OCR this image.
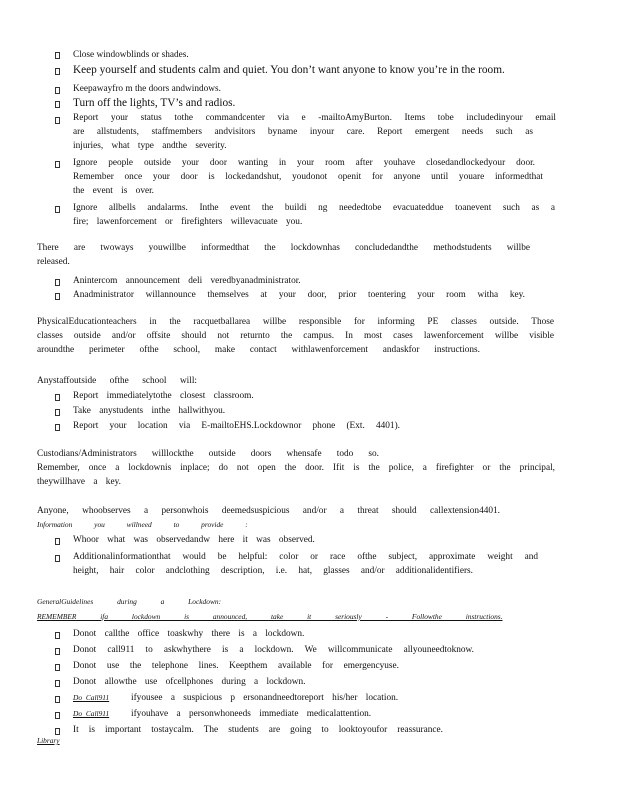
Close windowblinds or shades.
Keep yourself and students calm and quiet. You don’t want anyone to know you’re in the room.
Keepawayfro m the doors andwindows.
Turn off the lights, TV’s and radios.
Report your status tothe commandcenter via e -mailtoAmyBurton. Items tobe includedinyour email
are allstudents, staffmembers andvisitors byname inyour care. Report emergent needs such as
injuries, what type andthe severity.
Ignore people outside your door wanting in your room after youhave closedandlockedyour door.
Remember once your door is lockedandshut, youdonot openit for anyone until youare informedthat
the event is over.
Ignore allbells andalarms. Inthe event the buildi ng neededtobe evacuateddue toanevent such as a
fire; lawenforcement or firefighters willevacuate you.
There are twoways youwillbe informedthat the lockdownhas concludedandthe methodstudents willbe
released.
Anintercom announcement deli veredbyanadministrator.
Anadministrator willannounce themselves at your door, prior toentering your room witha key.
PhysicalEducationteachers in the racquetballarea willbe responsible for informing PE classes outside. Those
classes outside and/or offsite should not returnto the campus. In most cases lawenforcement willbe visible
aroundthe perimeter ofthe school, make contact withlawenforcement andaskfor instructions.
Anystaffoutside ofthe school will:
Report immediatelytothe closest classroom.
Take anystudents inthe hallwithyou.
Report your location via E-mailtoEHS.Lockdownor phone (Ext. 4401).
Custodians/Administrators willlockthe outside doors whensafe todo so.
Remember, once a lockdownis inplace; do not open the door. Ifit is the police, a firefighter or the principal,
theywillhave a key.
Anyone, whoobserves a personwhois deemedsuspicious and/or a threat should callextension4401.
Information you willneed to provide :
Whoor what was observedandw here it was observed.
Additionalinformationthat would be helpful: color or race ofthe subject, approximate weight and
height, hair color andclothing description, i.e. hat, glasses and/or additionalidentifiers.
GeneralGuidelines during a Lockdown:
REMEMBER ifa lockdown is announced, take it seriously - Followthe instructions.
Donot callthe office toaskwhy there is a lockdown.
Donot call911 to askwhythere is a lockdown. We willcommunicate allyouneedtoknow.
Donot use the telephone lines. Keepthem available for emergencyuse.
Donot allowthe use ofcellphones during a lockdown.
Do Call911 ifyousee a suspicious p ersonandneedtoreport his/her location.
Do Call911 ifyouhave a personwhoneeds immediate medicalattention.
It is important tostaycalm. The students are going to looktoyoufor reassurance.
Library
